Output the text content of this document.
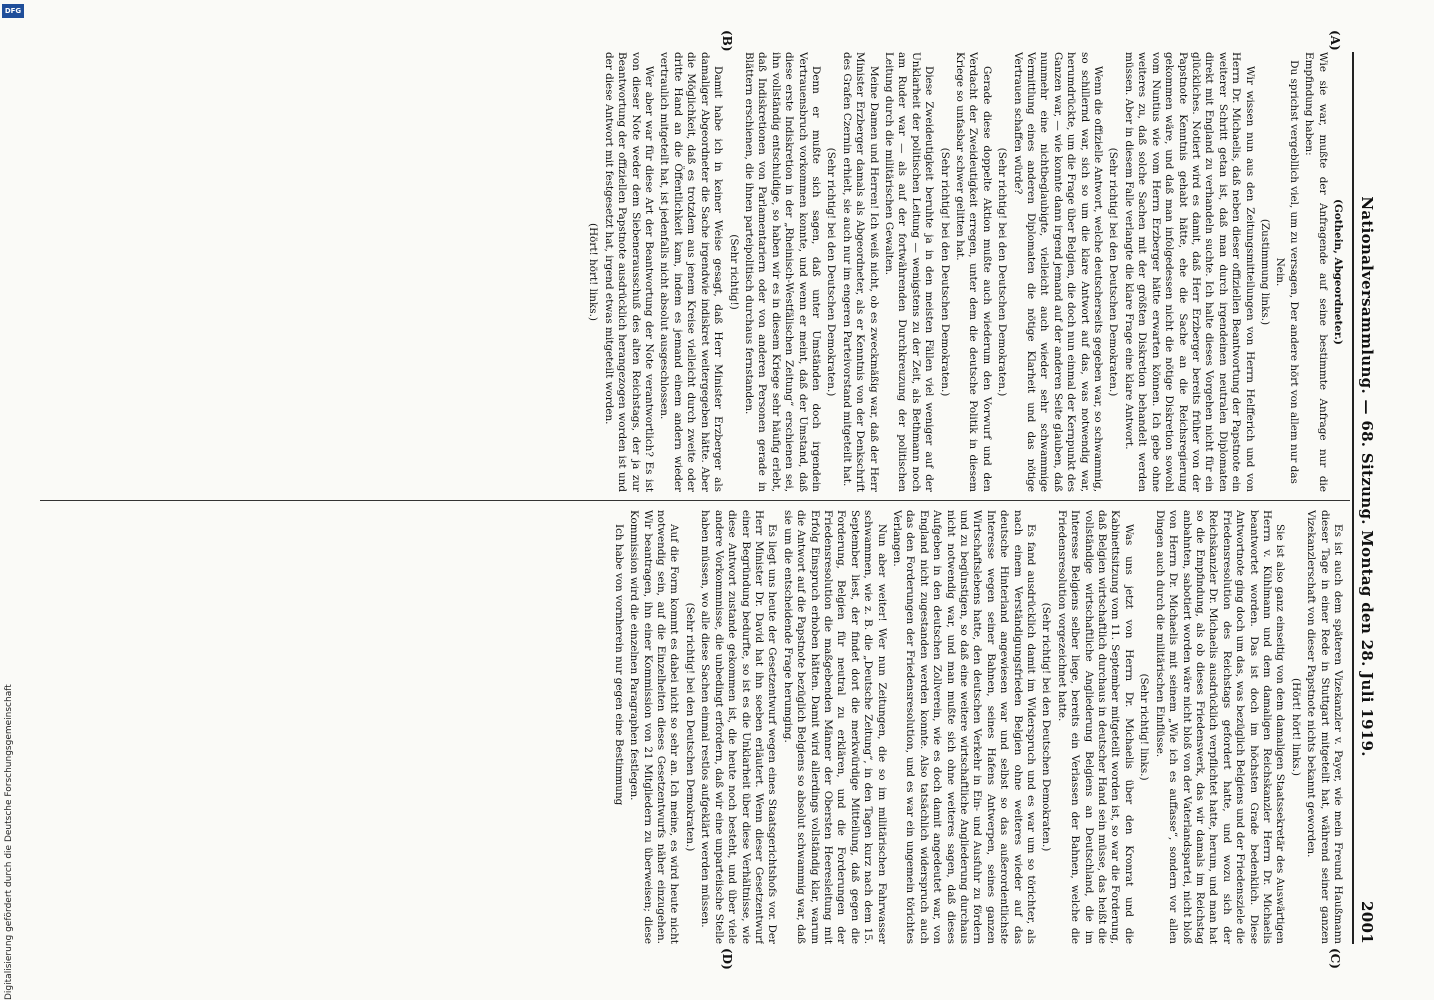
Nationalversammlung. — 68. Sitzung. Montag den 28. Juli 1919.
2001

(Gothein, Abgeordneter.)

Wie sie war, mußte der Anfragende auf seine bestimmte Anfrage nur die Empfindung haben:

Du sprichst vergebllich viel, um zu versagen, Der andere hört von allem nur das Nein.

(Zustimmung links.)

Wir wissen nun aus den Zeitungsmitteilungen von Herrn Helfferich und von Herrn Dr. Michaelis, daß neben dieser offiziellen Beantwortung der Papstnote ein weiterer Schritt getan ist, daß man durch irgendeinen neutralen Diplomaten direkt mit England zu verhandeln suchte. Ich halte dieses Vorgehen nicht für ein glückliches. Notiert wird es damit, daß Herr Erzberger bereits früher von der Papstnote Kenntnis gehabt hätte, ehe die Sache an die Reichsregierung gekommen wäre, und daß man infolgedessen nicht die nötige Diskretion sowohl vom Nuntius wie vom Herrn Erzberger hätte erwarten können. Ich gebe ohne weiteres zu, daß solche Sachen mit der größten Diskretion behandelt werden müssen. Aber in diesem Falle verlangte die klare Frage eine klare Antwort.

(Sehr richtig! bei den Deutschen Demokraten.)

Wenn die offizielle Antwort, welche deutscherseits gegeben war, so schwammig, so schillernd war, sich so um die klare Antwort auf das, was notwendig war, herumdrückte, um die Frage über Belgien, die doch nun einmal der Kernpunkt des Ganzen war, — wie konnte dann irgend jemand auf der anderen Seite glauben, daß nunmehr eine nichtbeglaubigte, vielleicht auch wieder sehr schwammige Vermittlung eines anderen Diplomaten die nötige Klarheit und das nötige Vertrauen schaffen würde?

(Sehr richtig! bei den Deutschen Demokraten.)

Gerade diese doppelte Aktion mußte auch wiederum den Vorwurf und den Verdacht der Zweideutigkeit erregen, unter dem die deutsche Politik in diesem Kriege so unfasbar schwer gelitten hat.

(Sehr richtig! bei den Deutschen Demokraten.)

Diese Zweideutigkeit beruhte ja in den meisten Fällen viel weniger auf der Unklarheit der politischen Leitung — wenigstens zu der Zeit, als Bethmann noch am Ruder war — als auf der fortwährenden Durchkreuzung der politischen Leitung durch die militärischen Gewalten.

Meine Damen und Herren! Ich weiß nicht, ob es zweckmäßig war, daß der Herr Minister Erzberger damals als Abgeordneter, als er Kenntnis von der Denkschrift des Grafen Czernin erhielt, sie auch nur im engeren Parteivorstand mitgeteilt hat.

(Sehr richtig! bei den Deutschen Demokraten.)

Denn er mußte sich sagen, daß unter Umständen doch irgendein Vertrauensbruch vorkommen konnte, und wenn er meint, daß der Umstand, daß diese erste Indiskretion in der „Rheinisch-Westfälischen Zeitung“ erschienen sei, ihn vollständig entschuldige, so haben wir es in diesem Kriege sehr häufig erlebt, daß Indiskretionen von Parlamentariern oder von anderen Personen gerade in Blättern erschienen, die ihnen parteipolitisch durchaus fernstanden.

(Sehr richtig!)

Damit habe ich in keiner Weise gesagt, daß Herr Minister Erzberger als damaliger Abgeordneter die Sache irgendwie indiskret weitergegeben hätte. Aber die Möglichkeit, daß es trotzdem aus jenem Kreise vielleicht durch zweite oder dritte Hand an die Öffentlichkeit kam, indem es jemand einem andern wieder vertraulich mitgeteilt hat, ist jedenfalls nicht absolut ausgeschlossen.

Wer aber war für diese Art der Beantwortung der Note verantwortlich? Es ist von dieser Note weder dem Siebenerausschuß des alten Reichstags, der ja zur Beantwortung der offiziellen Papstnote ausdrücklich herangezogen worden ist und der diese Antwort mit festgesetzt hat, irgend etwas mitgeteilt worden.

(Hört! hört! links.)

Es ist auch dem späteren Vizekanzler v. Payer, wie mein Freund Haußmann dieser Tage in einer Rede in Stuttgart mitgeteilt hat, während seiner ganzen Vizekanzlerschaft von dieser Papstnote nichts bekannt geworden.

(Hört! hört! links.)

Sie ist also ganz einseitig von dem damaligen Staatssekretär des Auswärtigen Herrn v. Kühlmann und dem damaligen Reichskanzler Herrn Dr. Michaelis beantwortet worden. Das ist doch im höchsten Grade bedenklich. Diese Antwortnote ging doch um das, was bezüglich Belgiens und der Friedensziele die Friedensresolution des Reichstags gefordert hatte, und wozu sich der Reichskanzler Dr. Michaelis ausdrücklich verpflichtet hatte, herum, und man hat so die Empfindung, als ob dieses Friedenswerk, das wir damals im Reichstag anbahnten, sabotiert worden wäre nicht bloß von der Vaterlandspartei, nicht bloß von Herrn Dr. Michaelis mit seinem „Wie ich es auffasse“, sondern vor allen Dingen auch durch die militärischen Einflüsse.

(Sehr richtig! links.)

Was uns jetzt von Herrn Dr. Michaelis über den Kronrat und die Kabinettsitzung vom 11. September mitgeteilt worden ist, so war die Forderung, daß Belgien wirtschaftlich durchaus in deutscher Hand sein müsse, das heißt die vollständige wirtschaftliche Angliederung Belgiens an Deutschland, die im Interesse Belgiens selber liege, bereits ein Verlassen der Bahnen, welche die Friedensresolution vorgezeichnet hatte.

(Sehr richtig! bei den Deutschen Demokraten.)

Es fand ausdrücklich damit im Widerspruch und es war um so törichter, als nach einem Verständigungsfrieden Belgien ohne weiteres wieder auf das deutsche Hinterland angewiesen war und selbst so das außerordentlichste Interesse wegen seiner Bahnen, seines Hafens Antwerpen, seines ganzen Wirtschaftslebens hatte, den deutschen Verkehr in Ein- und Ausfuhr zu fördern und zu begünstigen, so daß eine weitere wirtschaftliche Angliederung durchaus nicht notwendig war, und man mußte sich ohne weiteres sagen, daß dieses Aufgeben in den deutschen Zollverein, wie es doch damit angedeutet war, von England nicht zugestanden werden konnte. Also tatsächlich widerspruch auch das den Forderungen der Friedensresolution, und es war ein ungemein törichtes Verlangen.

Nun aber weiter! Wer nun Zeitungen, die so im militärischen Fahrwasser schwammen, wie z. B. die „Deutsche Zeitung“, in den Tagen kurz nach dem 15. September liest, der findet dort die merkwürdige Mitteilung, daß gegen die Forderung, Belgien für neutral zu erklären, und die Forderungen der Friedensresolution die maßgebenden Männer der Obersten Heeresleitung mit Erfolg Einspruch erhoben hätten. Damit wird allerdings vollständig klar, warum die Antwort auf die Papstnote bezüglich Belgiens so absolut schwammig war, daß sie um die entscheidende Frage herumging.

Es liegt uns heute der Gesetzentwurf wegen eines Staatsgerichtshofs vor. Der Herr Minister Dr. David hat ihn soeben erläutert. Wenn dieser Gesetzentwurf einer Begründung bedurfte, so ist es die Unklarheit über diese Verhältnisse, wie diese Antwort zustande gekommen ist, die heute noch besteht, und über viele andere Vorkommnisse, die unbedingt erfordern, daß wir eine unparteiische Stelle haben müssen, wo alle diese Sachen einmal restlos aufgeklärt werden müssen.

(Sehr richtig! bei den Deutschen Demokraten.)

Auf die Form kommt es dabei nicht so sehr an. Ich meine, es wird heute nicht notwendig sein, auf die Einzelheiten dieses Gesetzentwurfs näher einzugehen. Wir beantragen, ihn einer Kommission von 21 Mitgliedern zu überweisen; diese Kommission wird die einzelnen Paragraphen festlegen.

Ich habe von vornherein nur gegen eine Bestimmung

(A)
(B)
(C)
(D)
Digitalisierung gefördert durch die Deutsche Forschungsgemeinschaft
DFG
